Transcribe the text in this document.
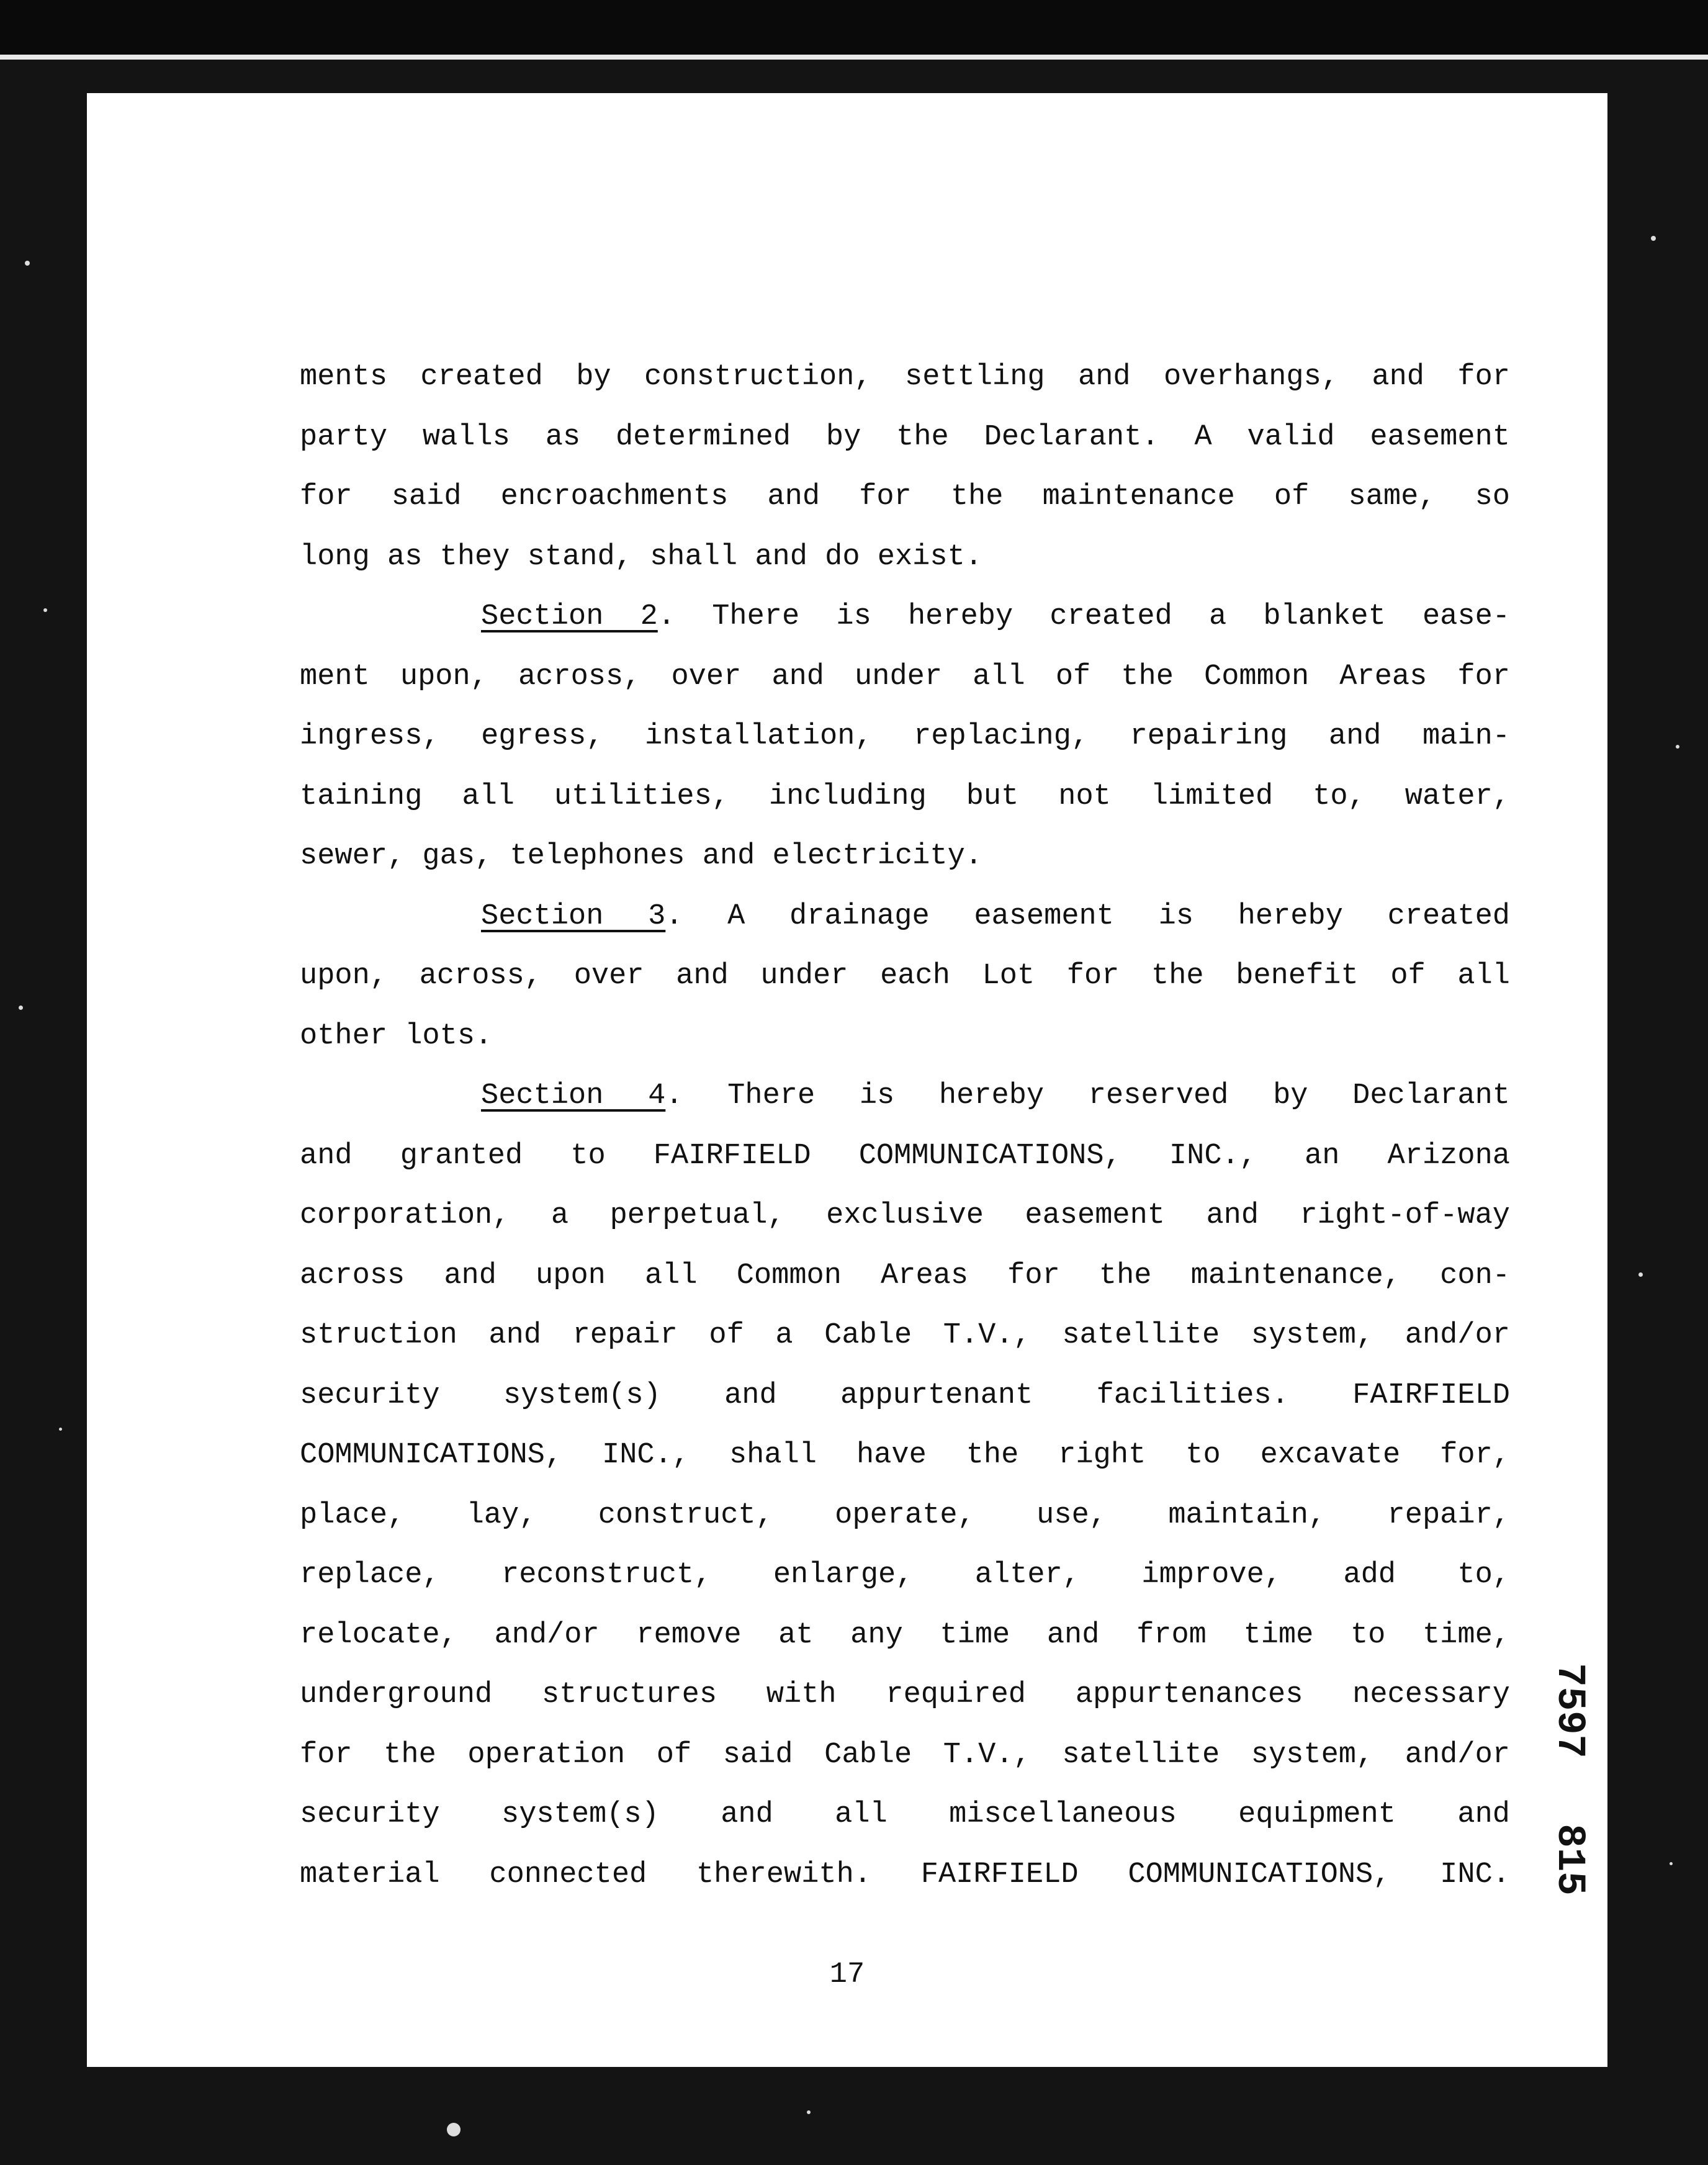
ments created by construction, settling and overhangs, and for
party walls as determined by the Declarant. A valid easement
for said encroachments and for the maintenance of same, so
long as they stand, shall and do exist.
Section 2. There is hereby created a blanket ease-
ment upon, across, over and under all of the Common Areas for
ingress, egress, installation, replacing, repairing and main-
taining all utilities, including but not limited to, water,
sewer, gas, telephones and electricity.
Section 3. A drainage easement is hereby created
upon, across, over and under each Lot for the benefit of all
other lots.
Section 4. There is hereby reserved by Declarant
and granted to FAIRFIELD COMMUNICATIONS, INC., an Arizona
corporation, a perpetual, exclusive easement and right-of-way
across and upon all Common Areas for the maintenance, con-
struction and repair of a Cable T.V., satellite system, and/or
security system(s) and appurtenant facilities. FAIRFIELD
COMMUNICATIONS, INC., shall have the right to excavate for,
place, lay, construct, operate, use, maintain, repair,
replace, reconstruct, enlarge, alter, improve, add to,
relocate, and/or remove at any time and from time to time,
underground structures with required appurtenances necessary
for the operation of said Cable T.V., satellite system, and/or
security system(s) and all miscellaneous equipment and
material connected therewith. FAIRFIELD COMMUNICATIONS, INC.
17
7597
815
